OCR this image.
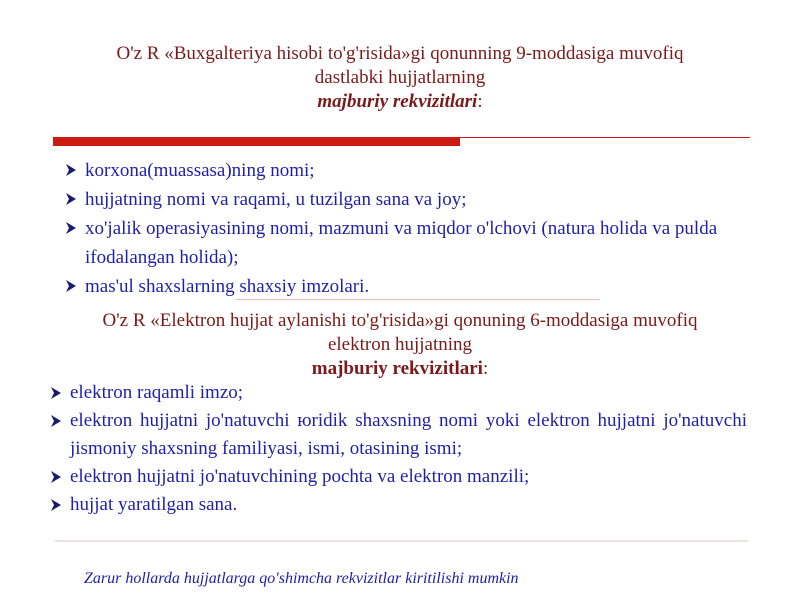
O'z R «Buxgalteriya hisobi to'g'risida»gi qonunning 9-moddasiga muvofiq
dastlabki hujjatlarning
majburiy rekvizitlari:
korxona(muassasa)ning nomi;
hujjatning nomi va raqami, u tuzilgan sana va joy;
xo'jalik operasiyasining nomi, mazmuni va miqdor o'lchovi (natura holida va pulda ifodalangan holida);
mas'ul shaxslarning shaxsiy imzolari.
O'z R «Elektron hujjat aylanishi to'g'risida»gi qonuning 6-moddasiga muvofiq
elektron hujjatning
majburiy rekvizitlari:
elektron raqamli imzo;
elektron hujjatni jo'natuvchi юridik shaxsning nomi yoki elektron hujjatni jo'natuvchi jismoniy shaxsning familiyasi, ismi, otasining ismi;
elektron hujjatni jo'natuvchining pochta va elektron manzili;
hujjat yaratilgan sana.
Zarur hollarda hujjatlarga qo'shimcha rekvizitlar kiritilishi mumkin
